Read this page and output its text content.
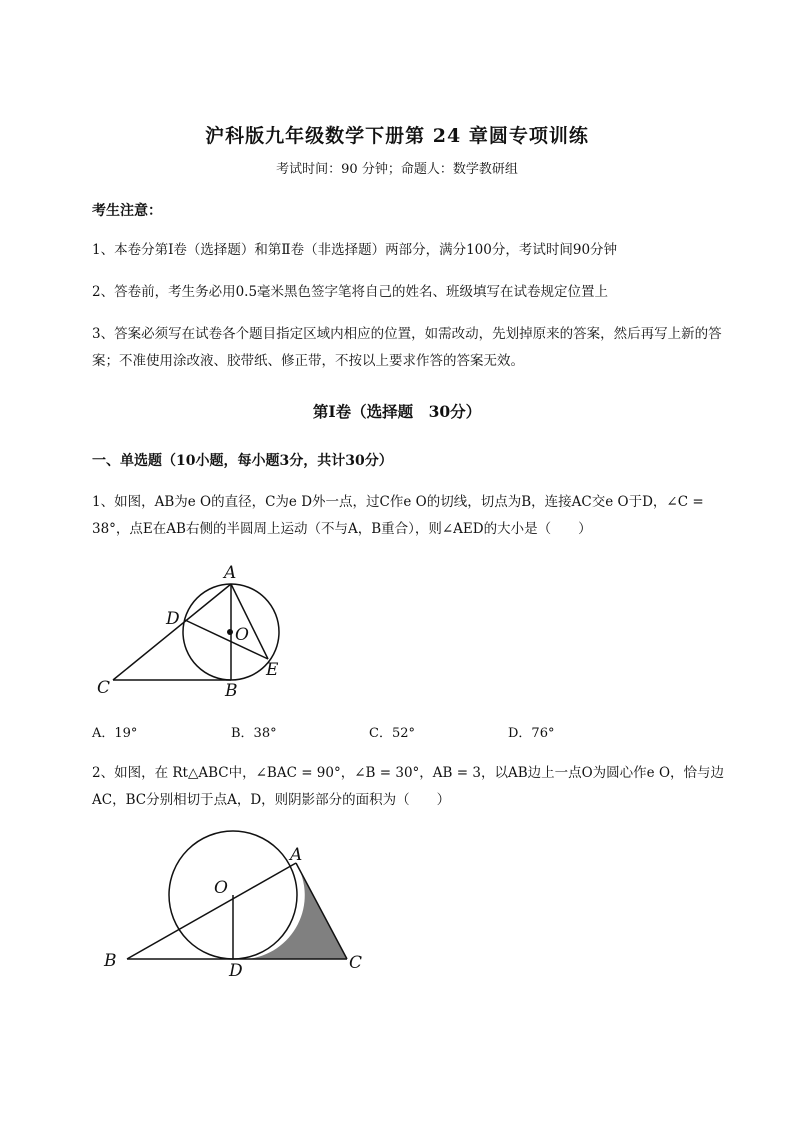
沪科版九年级数学下册第 24 章圆专项训练
考试时间：90 分钟；命题人：数学教研组
考生注意：
1、本卷分第Ⅰ卷（选择题）和第Ⅱ卷（非选择题）两部分，满分100分，考试时间90分钟
2、答卷前，考生务必用0.5毫米黑色签字笔将自己的姓名、班级填写在试卷规定位置上
3、答案必须写在试卷各个题目指定区域内相应的位置，如需改动，先划掉原来的答案，然后再写上新的答案；不准使用涂改液、胶带纸、修正带，不按以上要求作答的答案无效。
第Ⅰ卷（选择题　30分）
一、单选题（10小题，每小题3分，共计30分）
1、如图，AB为e O的直径，C为e D外一点，过C作e O的切线，切点为B，连接AC交e O于D，∠C = 38°，点E在AB右侧的半圆周上运动（不与A，B重合），则∠AED的大小是（　　）
A
D
O
E
C	B
A．19°	B．38°	C．52°	D．76°
2、如图，在 Rt△ABC中，∠BAC = 90°，∠B = 30°，AB = 3，以AB边上一点O为圆心作e O，恰与边AC，BC分别相切于点A，D，则阴影部分的面积为（　　）
A
O
B	D	C
